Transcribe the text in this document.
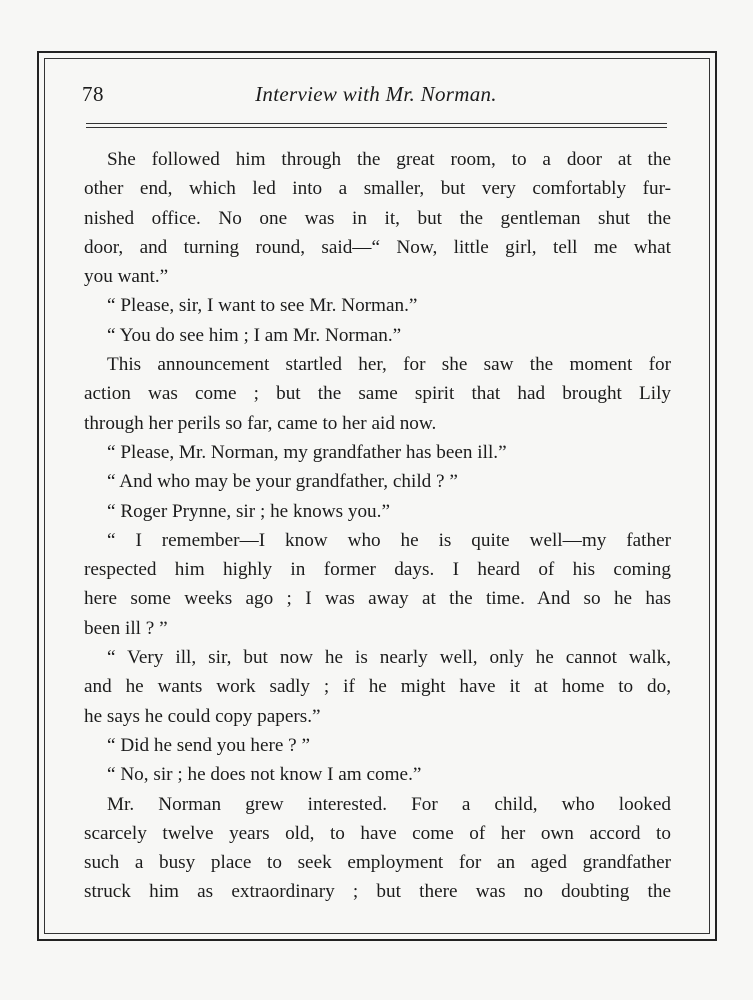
78	Interview with Mr. Norman.
She followed him through the great room, to a door at the
other end, which led into a smaller, but very comfortably fur-
nished office. No one was in it, but the gentleman shut the
door, and turning round, said—“ Now, little girl, tell me what
you want.”
“ Please, sir, I want to see Mr. Norman.”
“ You do see him ; I am Mr. Norman.”
This announcement startled her, for she saw the moment for
action was come ; but the same spirit that had brought Lily
through her perils so far, came to her aid now.
“ Please, Mr. Norman, my grandfather has been ill.”
“ And who may be your grandfather, child ? ”
“ Roger Prynne, sir ; he knows you.”
“ I remember—I know who he is quite well—my father
respected him highly in former days. I heard of his coming
here some weeks ago ; I was away at the time. And so he has
been ill ? ”
“ Very ill, sir, but now he is nearly well, only he cannot walk,
and he wants work sadly ; if he might have it at home to do,
he says he could copy papers.”
“ Did he send you here ? ”
“ No, sir ; he does not know I am come.”
Mr. Norman grew interested. For a child, who looked
scarcely twelve years old, to have come of her own accord to
such a busy place to seek employment for an aged grandfather
struck him as extraordinary ; but there was no doubting the
